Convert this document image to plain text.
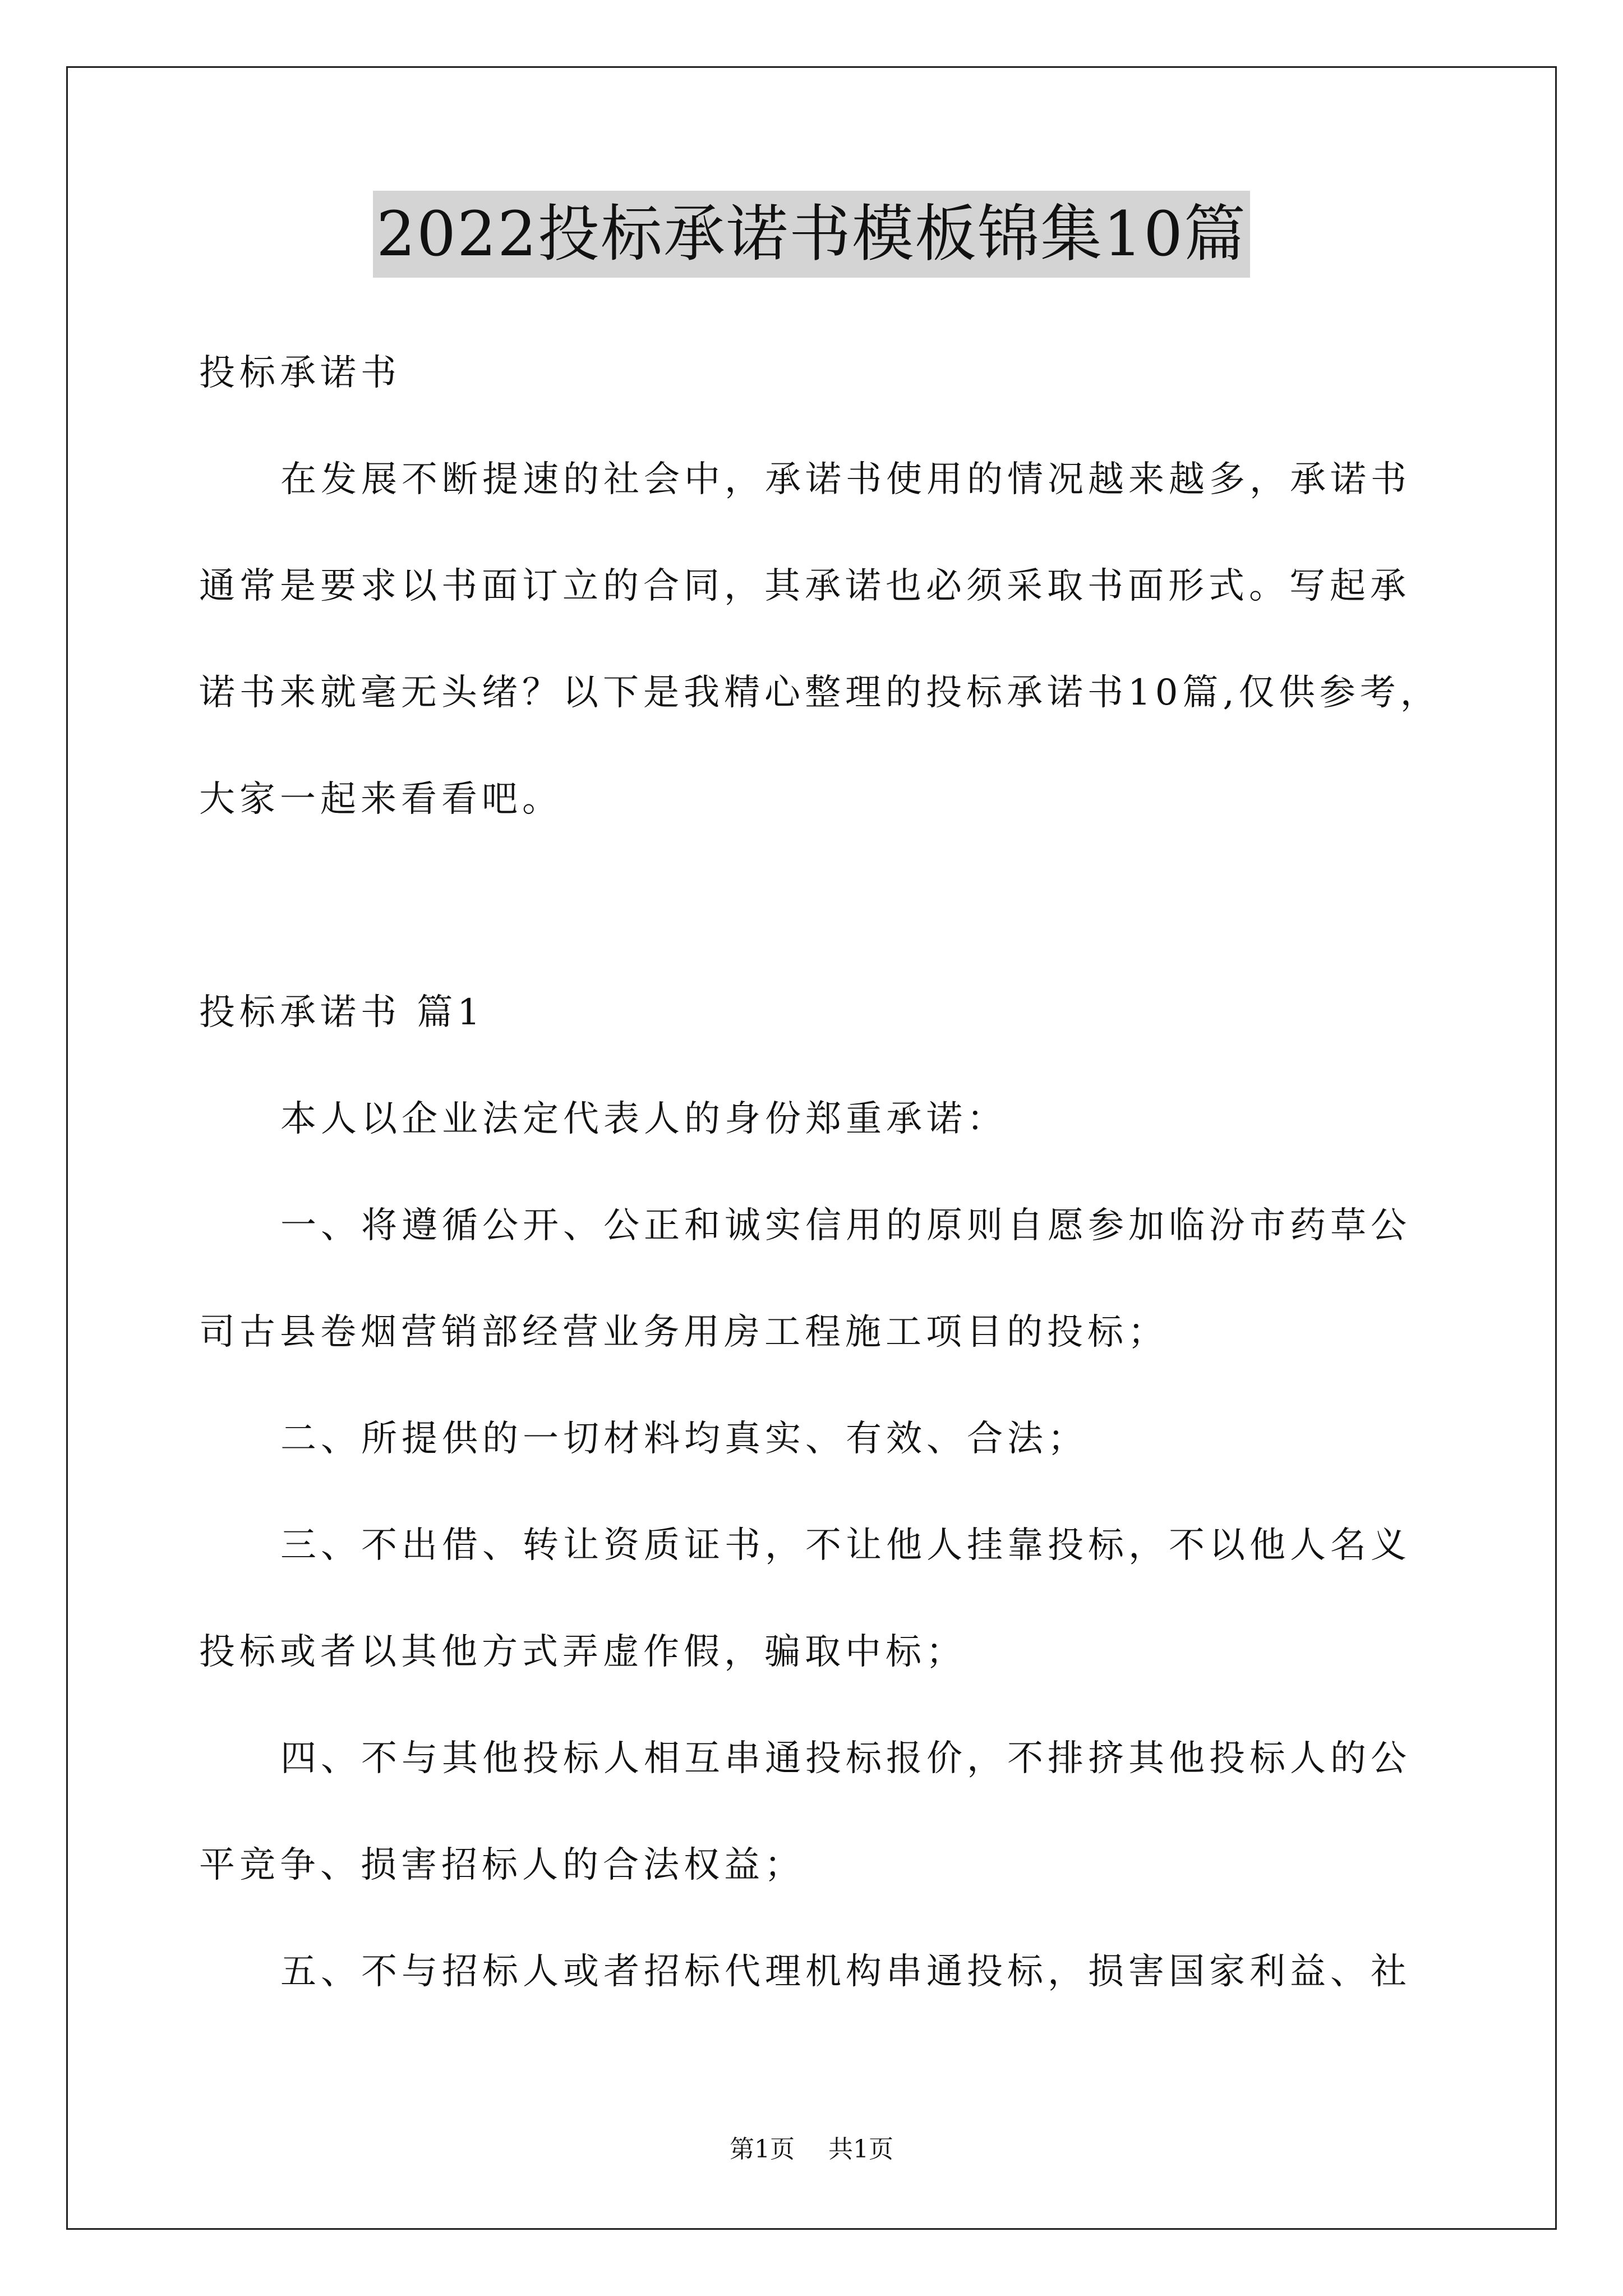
2022投标承诺书模板锦集10篇

投标承诺书

在发展不断提速的社会中，承诺书使用的情况越来越多，承诺书

通常是要求以书面订立的合同，其承诺也必须采取书面形式。写起承

诺书来就毫无头绪？以下是我精心整理的投标承诺书10篇,仅供参考，

大家一起来看看吧。

投标承诺书 篇1

本人以企业法定代表人的身份郑重承诺：

一、将遵循公开、公正和诚实信用的原则自愿参加临汾市药草公

司古县卷烟营销部经营业务用房工程施工项目的投标；

二、所提供的一切材料均真实、有效、合法；

三、不出借、转让资质证书，不让他人挂靠投标，不以他人名义

投标或者以其他方式弄虚作假，骗取中标；

四、不与其他投标人相互串通投标报价，不排挤其他投标人的公

平竞争、损害招标人的合法权益；

五、不与招标人或者招标代理机构串通投标，损害国家利益、社

第1页 共1页
